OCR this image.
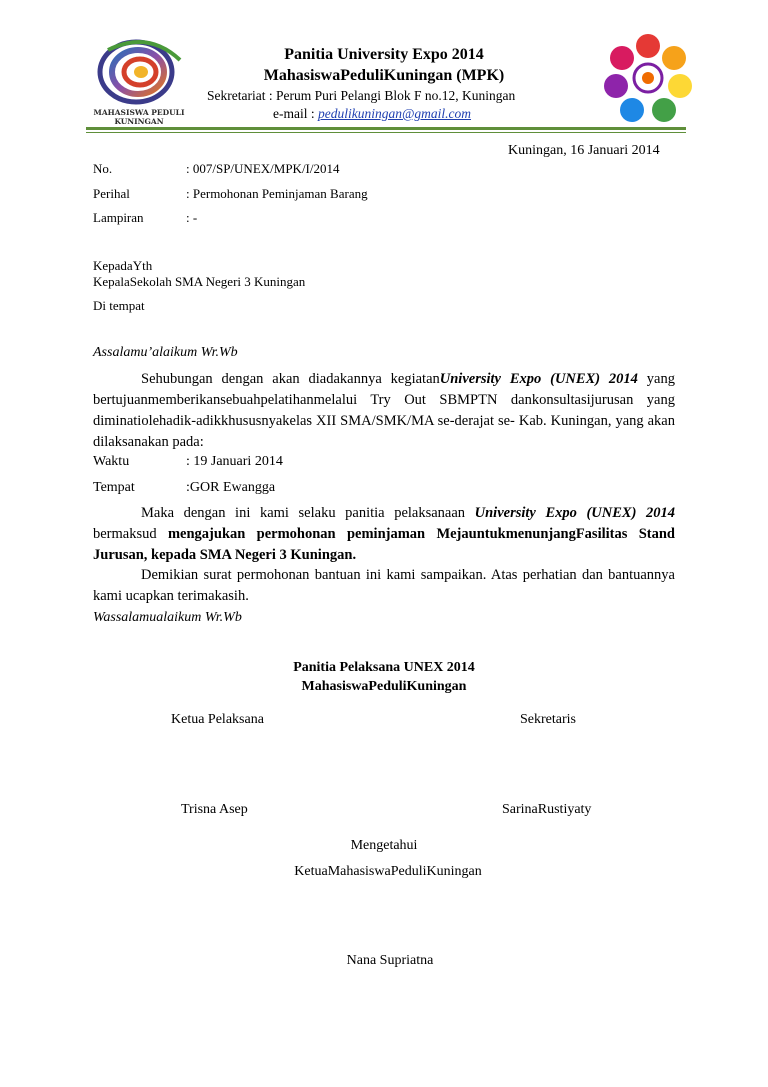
MAHASISWA PEDULI
KUNINGAN
Panitia University Expo 2014
MahasiswaPeduliKuningan (MPK)
Sekretariat : Perum Puri Pelangi Blok F no.12, Kuningan
e-mail : pedulikuningan@gmail.com
Kuningan, 16 Januari 2014
No.	: 007/SP/UNEX/MPK/I/2014
Perihal	: Permohonan Peminjaman Barang
Lampiran	: -
KepadaYth
KepalaSekolah SMA Negeri 3 Kuningan
Di tempat
Assalamu’alaikum Wr.Wb
Sehubungan dengan akan diadakannya kegiatanUniversity Expo (UNEX) 2014 yang bertujuanmemberikansebuahpelatihanmelalui Try Out SBMPTN dankonsultasijurusan yang diminatiolehadik-adikkhususnyakelas XII SMA/SMK/MA se-derajat se- Kab. Kuningan, yang akan dilaksanakan pada:
Waktu	: 19 Januari 2014
Tempat	:GOR Ewangga
Maka dengan ini kami selaku panitia pelaksanaan University Expo (UNEX) 2014 bermaksud mengajukan permohonan peminjaman MejauntukmenunjangFasilitas Stand Jurusan, kepada SMA Negeri 3 Kuningan.
Demikian surat permohonan bantuan ini kami sampaikan. Atas perhatian dan bantuannya kami ucapkan terimakasih.
Wassalamualaikum Wr.Wb
Panitia Pelaksana UNEX 2014
MahasiswaPeduliKuningan
Ketua Pelaksana	Sekretaris
Trisna Asep	SarinaRustiyaty
Mengetahui
KetuaMahasiswaPeduliKuningan
Nana Supriatna
